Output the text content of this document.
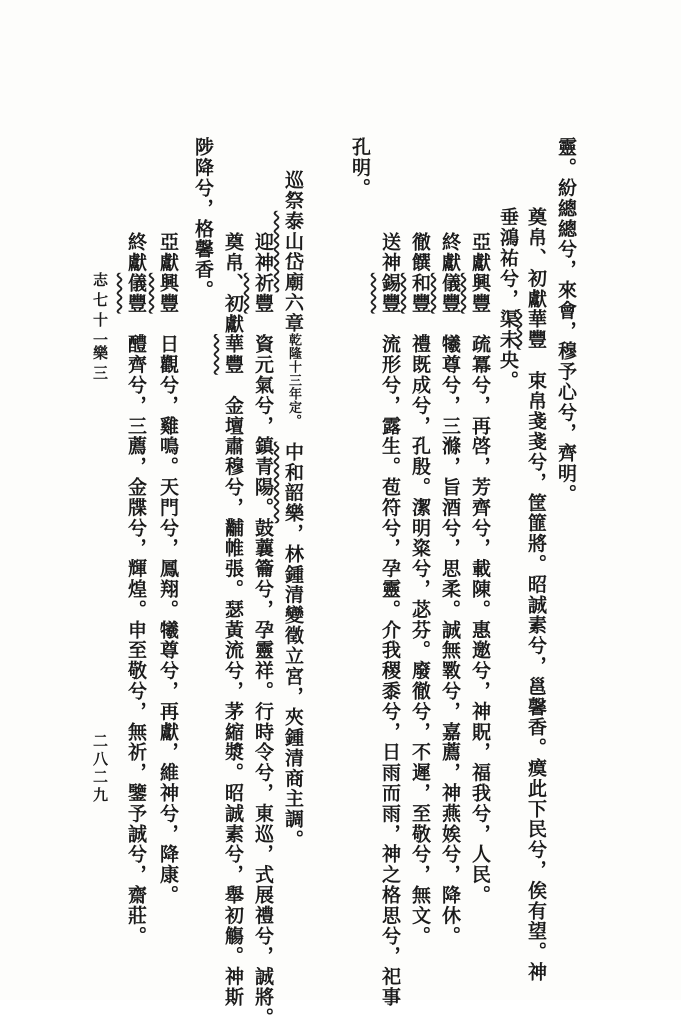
靈。紛總總兮，來會，穆予心兮，齊明。
奠帛、初獻華豐　束帛戔戔兮，筐篚將。昭誠素兮，邕馨香。瘼此下民兮，俟有望。神
垂鴻祐兮，渠未央。
亞獻興豐　疏冪兮，再啓，芳齊兮，載陳。惠邀兮，神貺，福我兮，人民。
終獻儀豐　犧尊兮，三滌，旨酒兮，思柔。誠無斁兮，嘉薦，神燕娭兮，降休。
徹饌和豐　禮既成兮，孔殷。潔明粢兮，苾芬。廢徹兮，不遲，至敬兮，無文。
送神錫豐　流形兮，露生。苞符兮，孕靈。介我稷黍兮，日雨而雨，神之格思兮，祀事
孔明。
巡祭泰山岱廟六章乾隆十三年定。　中和韶樂，林鍾清變徵立宮，夾鍾清商主調。
迎神祈豐　資元氣兮，鎮青陽。鼓蘘籥兮，孕靈祥。行時令兮，東巡，式展禮兮，誠將。
奠帛、初獻華豐　金壇肅穆兮，黼帷張。瑟黃流兮，茅縮漿。昭誠素兮，舉初觴。神斯
陟降兮，格馨香。
亞獻興豐　日觀兮，雞鳴。天門兮，鳳翔。犧尊兮，再獻，維神兮，降康。
終獻儀豐　醴齊兮，三薦，金牒兮，輝煌。申至敬兮，無祈，鑒予誠兮，齋莊。
志七十一
樂三
二八二九
